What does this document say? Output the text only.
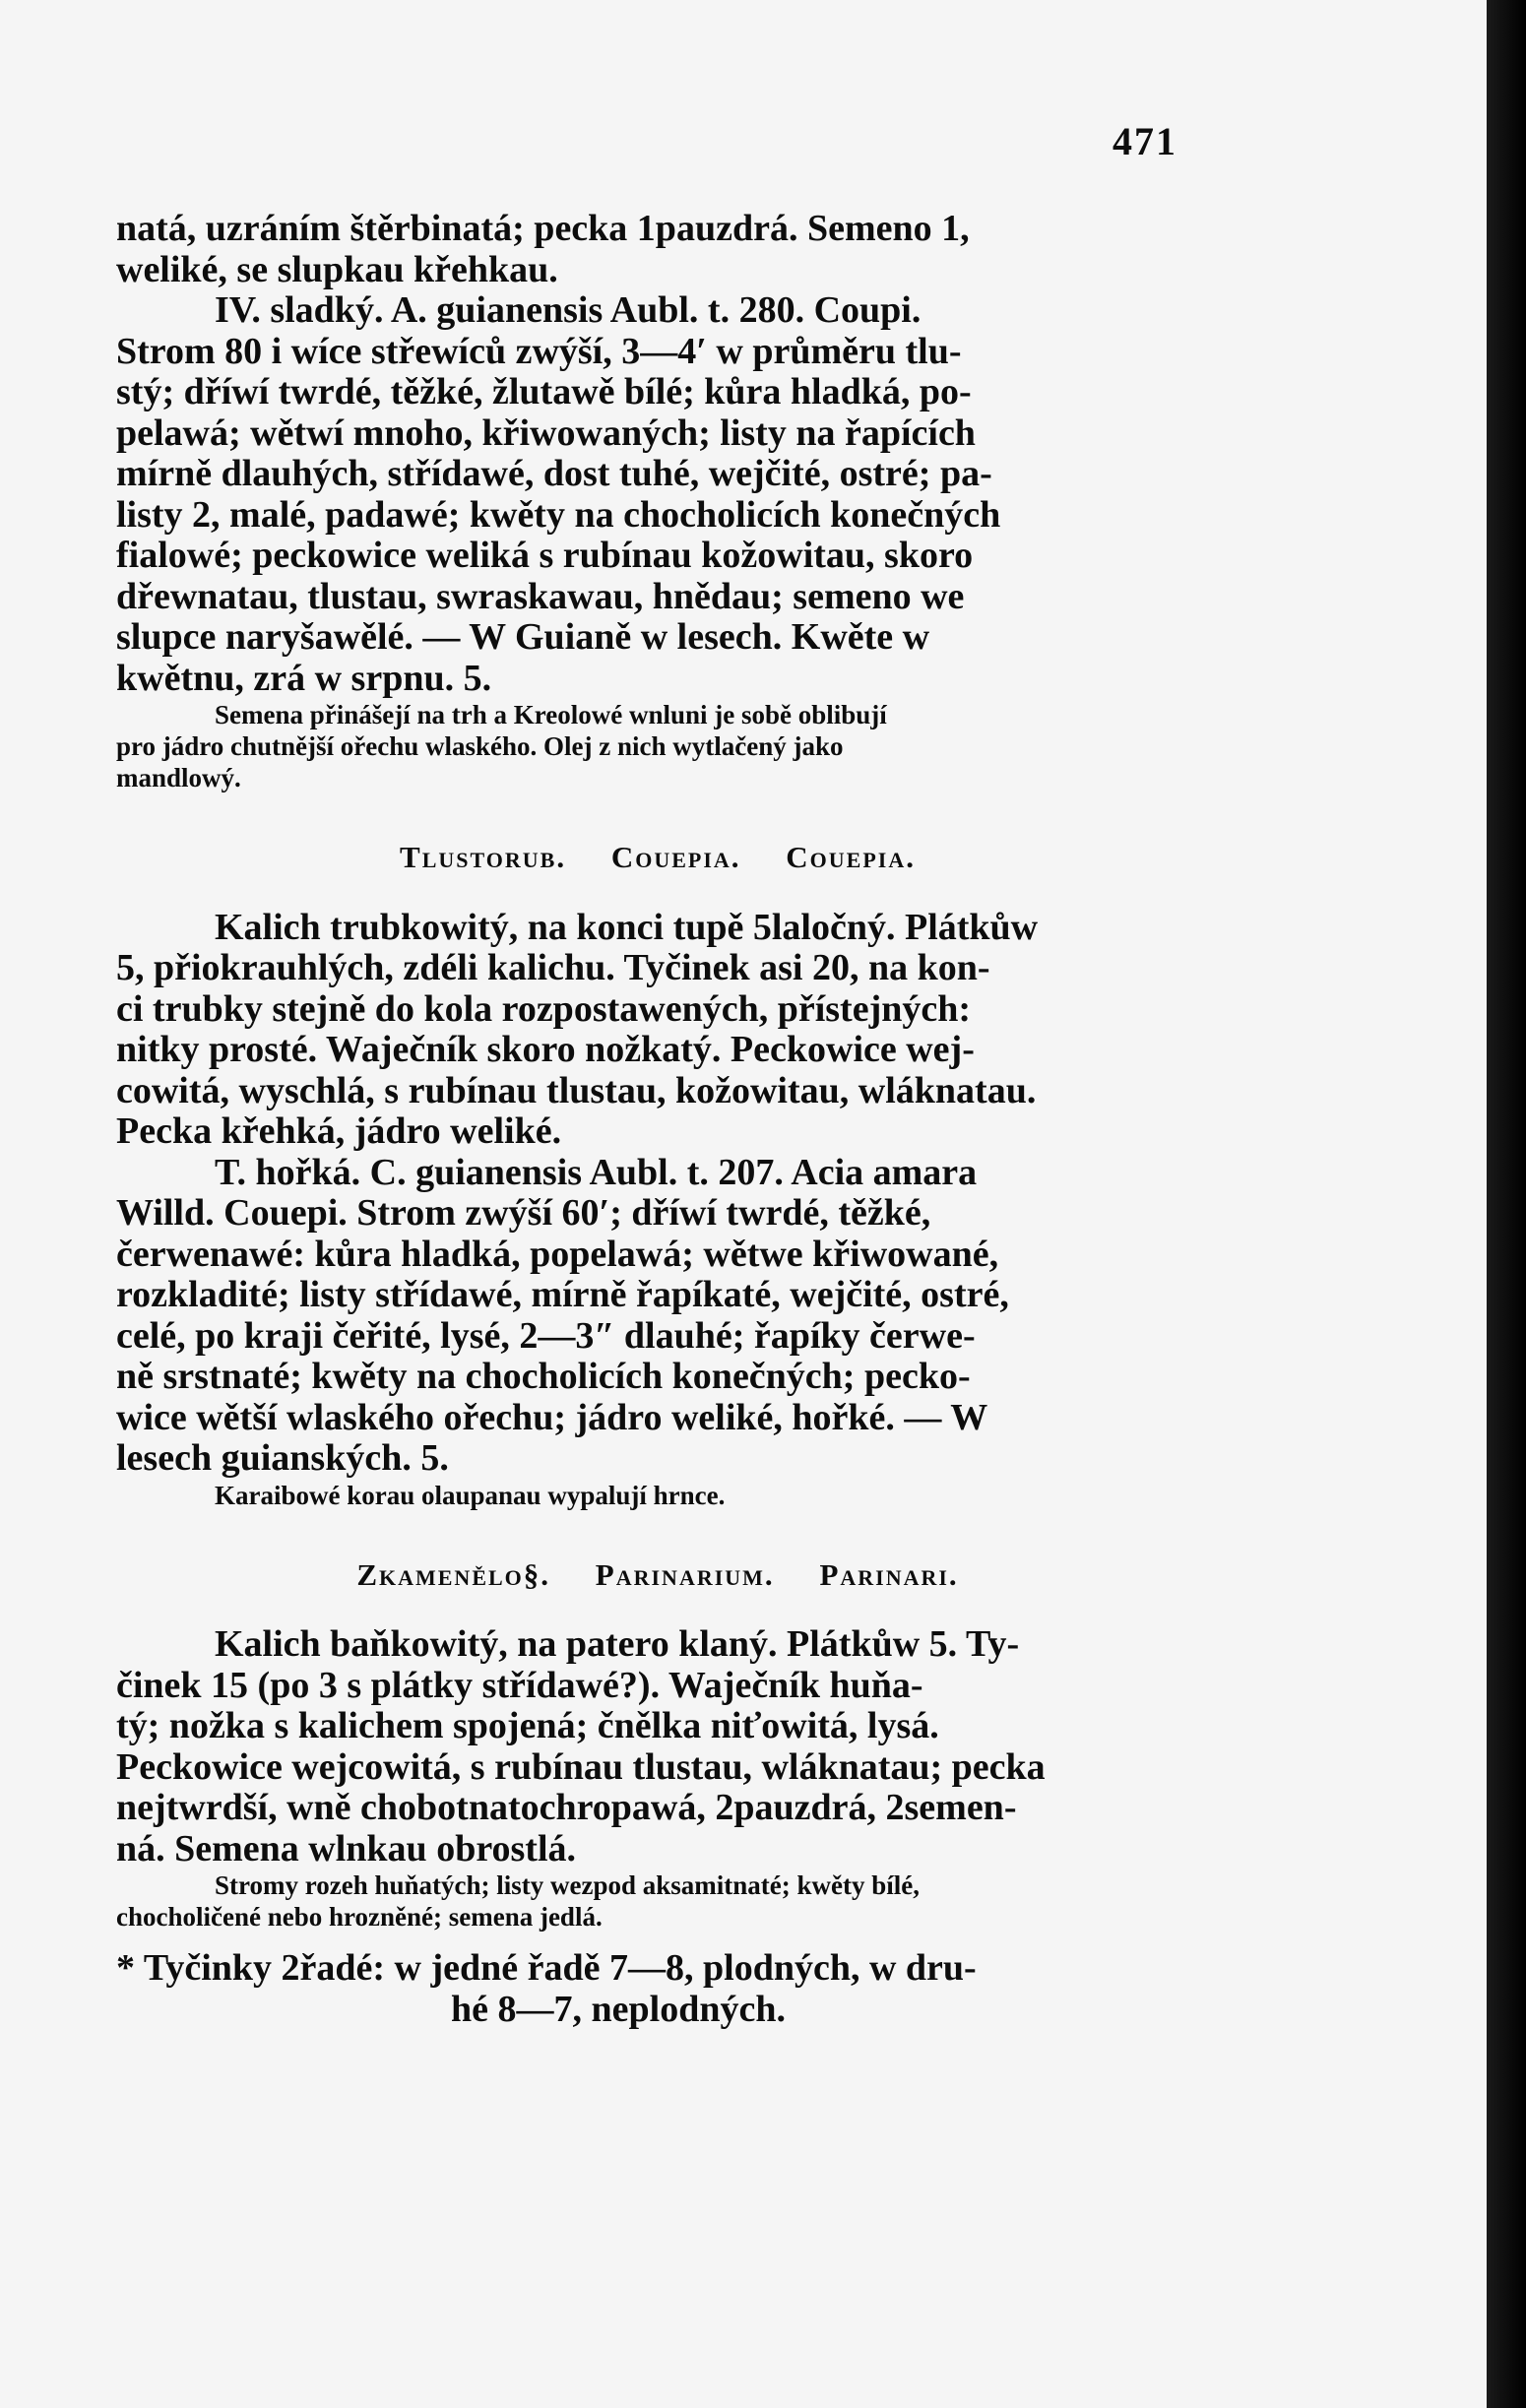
471

natá, uzráním štěrbinatá; pecka 1pauzdrá. Semeno 1,

weliké, se slupkau křehkau.

IV. sladký. A. guianensis Aubl. t. 280. Coupi.

Strom 80 i wíce střewíců zwýší, 3—4′ w průměru tlu-

stý; dříwí twrdé, těžké, žlutawě bílé; kůra hladká, po-

pelawá; wětwí mnoho, křiwowaných; listy na řapících

mírně dlauhých, střídawé, dost tuhé, wejčité, ostré; pa-

listy 2, malé, padawé; kwěty na chocholicích konečných

fialowé; peckowice weliká s rubínau kožowitau, skoro

dřewnatau, tlustau, swraskawau, hnědau; semeno we

slupce naryšawělé. — W Guianě w lesech. Kwěte w

kwětnu, zrá w srpnu. 5.

Semena přinášejí na trh a Kreolowé wnluni je sobě oblibují

pro jádro chutnější ořechu wlaského. Olej z nich wytlačený jako

mandlowý.

Tlustorub. Couepia. Couepia.

Kalich trubkowitý, na konci tupě 5laločný. Plátkůw

5, přiokrauhlých, zdéli kalichu. Tyčinek asi 20, na kon-

ci trubky stejně do kola rozpostawených, přístejných:

nitky prosté. Waječník skoro nožkatý. Peckowice wej-

cowitá, wyschlá, s rubínau tlustau, kožowitau, wláknatau.

Pecka křehká, jádro weliké.

T. hořká. C. guianensis Aubl. t. 207. Acia amara

Willd. Couepi. Strom zwýší 60′; dříwí twrdé, těžké,

čerwenawé: kůra hladká, popelawá; wětwe křiwowané,

rozkladité; listy střídawé, mírně řapíkaté, wejčité, ostré,

celé, po kraji čeřité, lysé, 2—3″ dlauhé; řapíky čerwe-

ně srstnaté; kwěty na chocholicích konečných; pecko-

wice wětší wlaského ořechu; jádro weliké, hořké. — W

lesech guianských. 5.

Karaibowé korau olaupanau wypalují hrnce.

Zkamenělo§. Parinarium. Parinari.

Kalich baňkowitý, na patero klaný. Plátkůw 5. Ty-

činek 15 (po 3 s plátky střídawé?). Waječník huňa-

tý; nožka s kalichem spojená; čnělka niťowitá, lysá.

Peckowice wejcowitá, s rubínau tlustau, wláknatau; pecka

nejtwrdší, wně chobotnatochropawá, 2pauzdrá, 2semen-

ná. Semena wlnkau obrostlá.

Stromy rozeh huňatých; listy wezpod aksamitnaté; kwěty bílé,

chocholičené nebo hrozněné; semena jedlá.

* Tyčinky 2řadé: w jedné řadě 7—8, plodných, w dru-
hé 8—7, neplodných.
